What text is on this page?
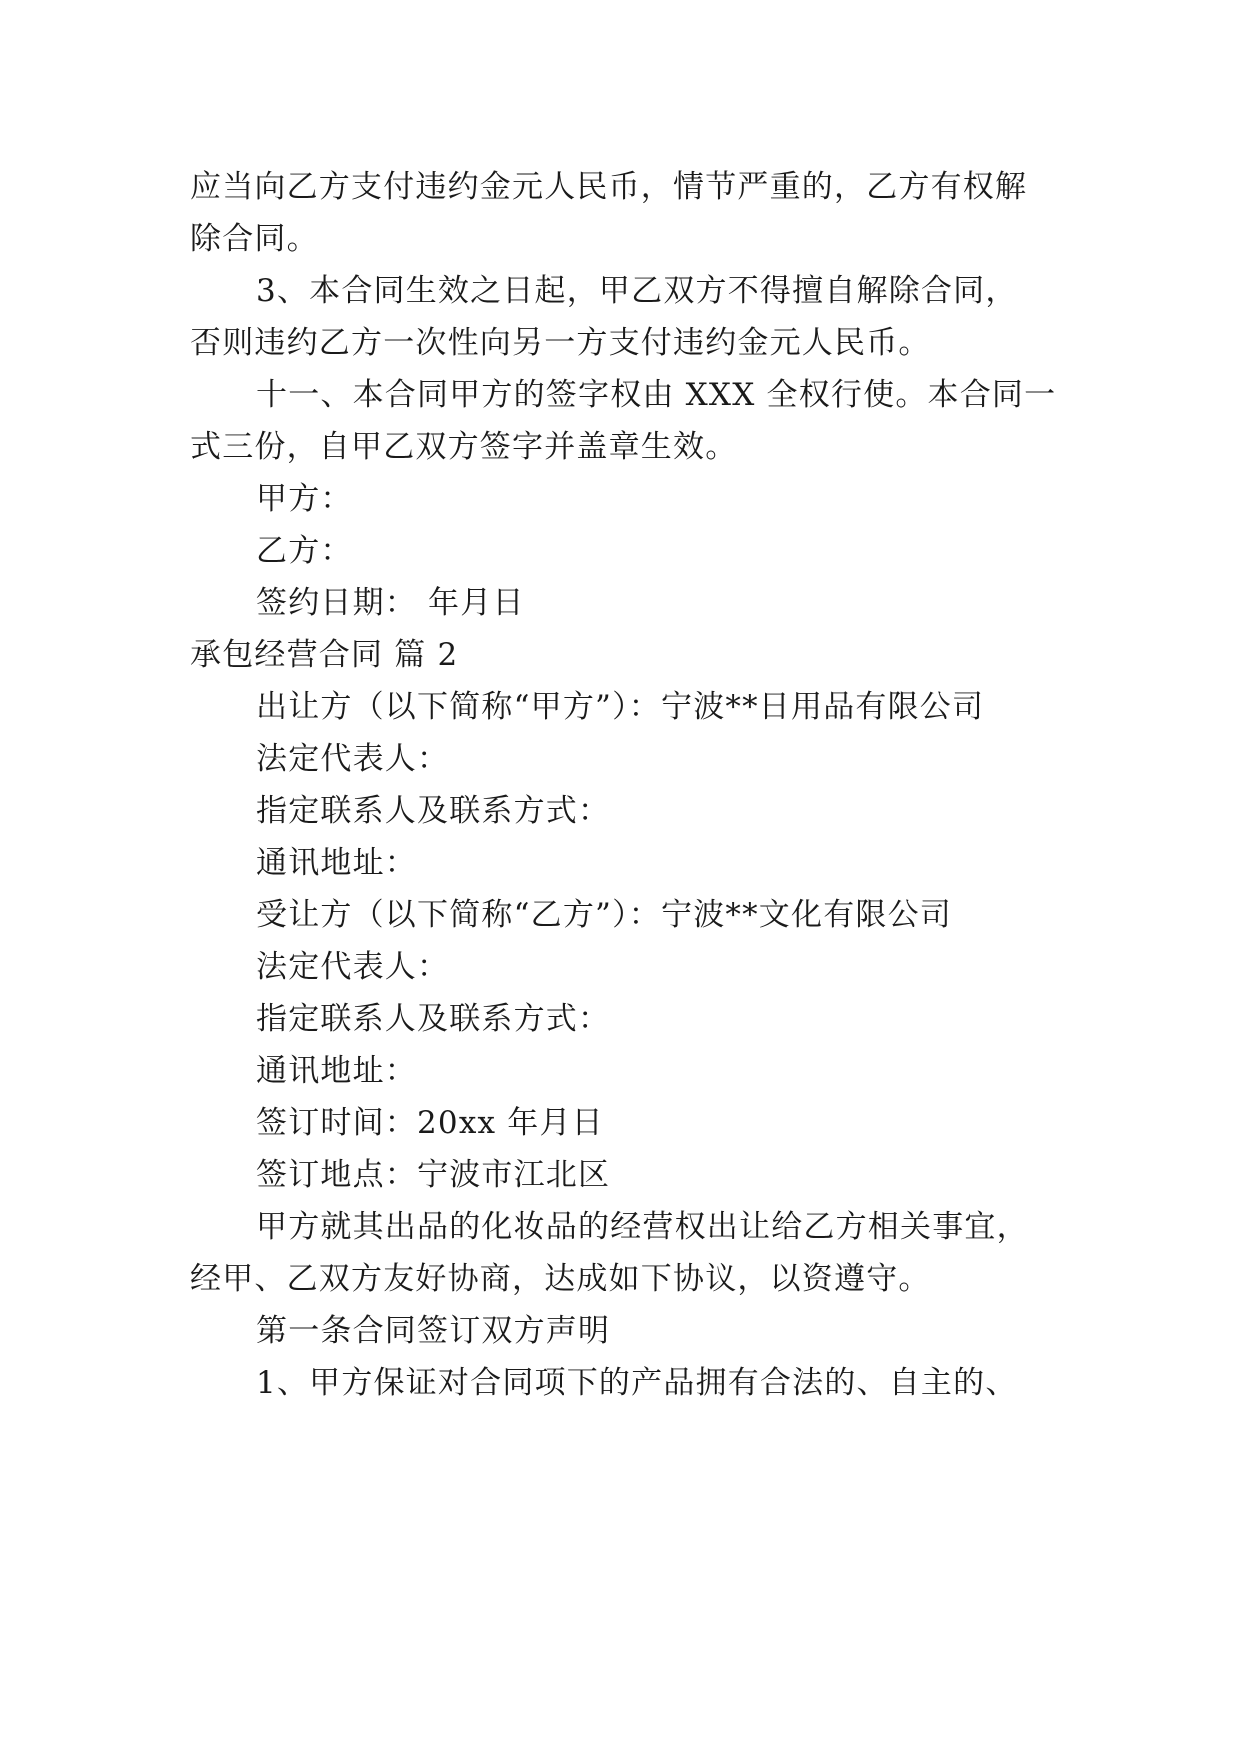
应当向乙方支付违约金元人民币，情节严重的，乙方有权解
除合同。
3、本合同生效之日起，甲乙双方不得擅自解除合同，
否则违约乙方一次性向另一方支付违约金元人民币。
十一、本合同甲方的签字权由 XXX 全权行使。本合同一
式三份，自甲乙双方签字并盖章生效。
甲方：
乙方：
签约日期： 年月日
承包经营合同 篇 2
出让方（以下简称“甲方”）：宁波**日用品有限公司
法定代表人：
指定联系人及联系方式：
通讯地址：
受让方（以下简称“乙方”）：宁波**文化有限公司
法定代表人：
指定联系人及联系方式：
通讯地址：
签订时间：20xx 年月日
签订地点：宁波市江北区
甲方就其出品的化妆品的经营权出让给乙方相关事宜，
经甲、乙双方友好协商，达成如下协议，以资遵守。
第一条合同签订双方声明
1、甲方保证对合同项下的产品拥有合法的、自主的、
